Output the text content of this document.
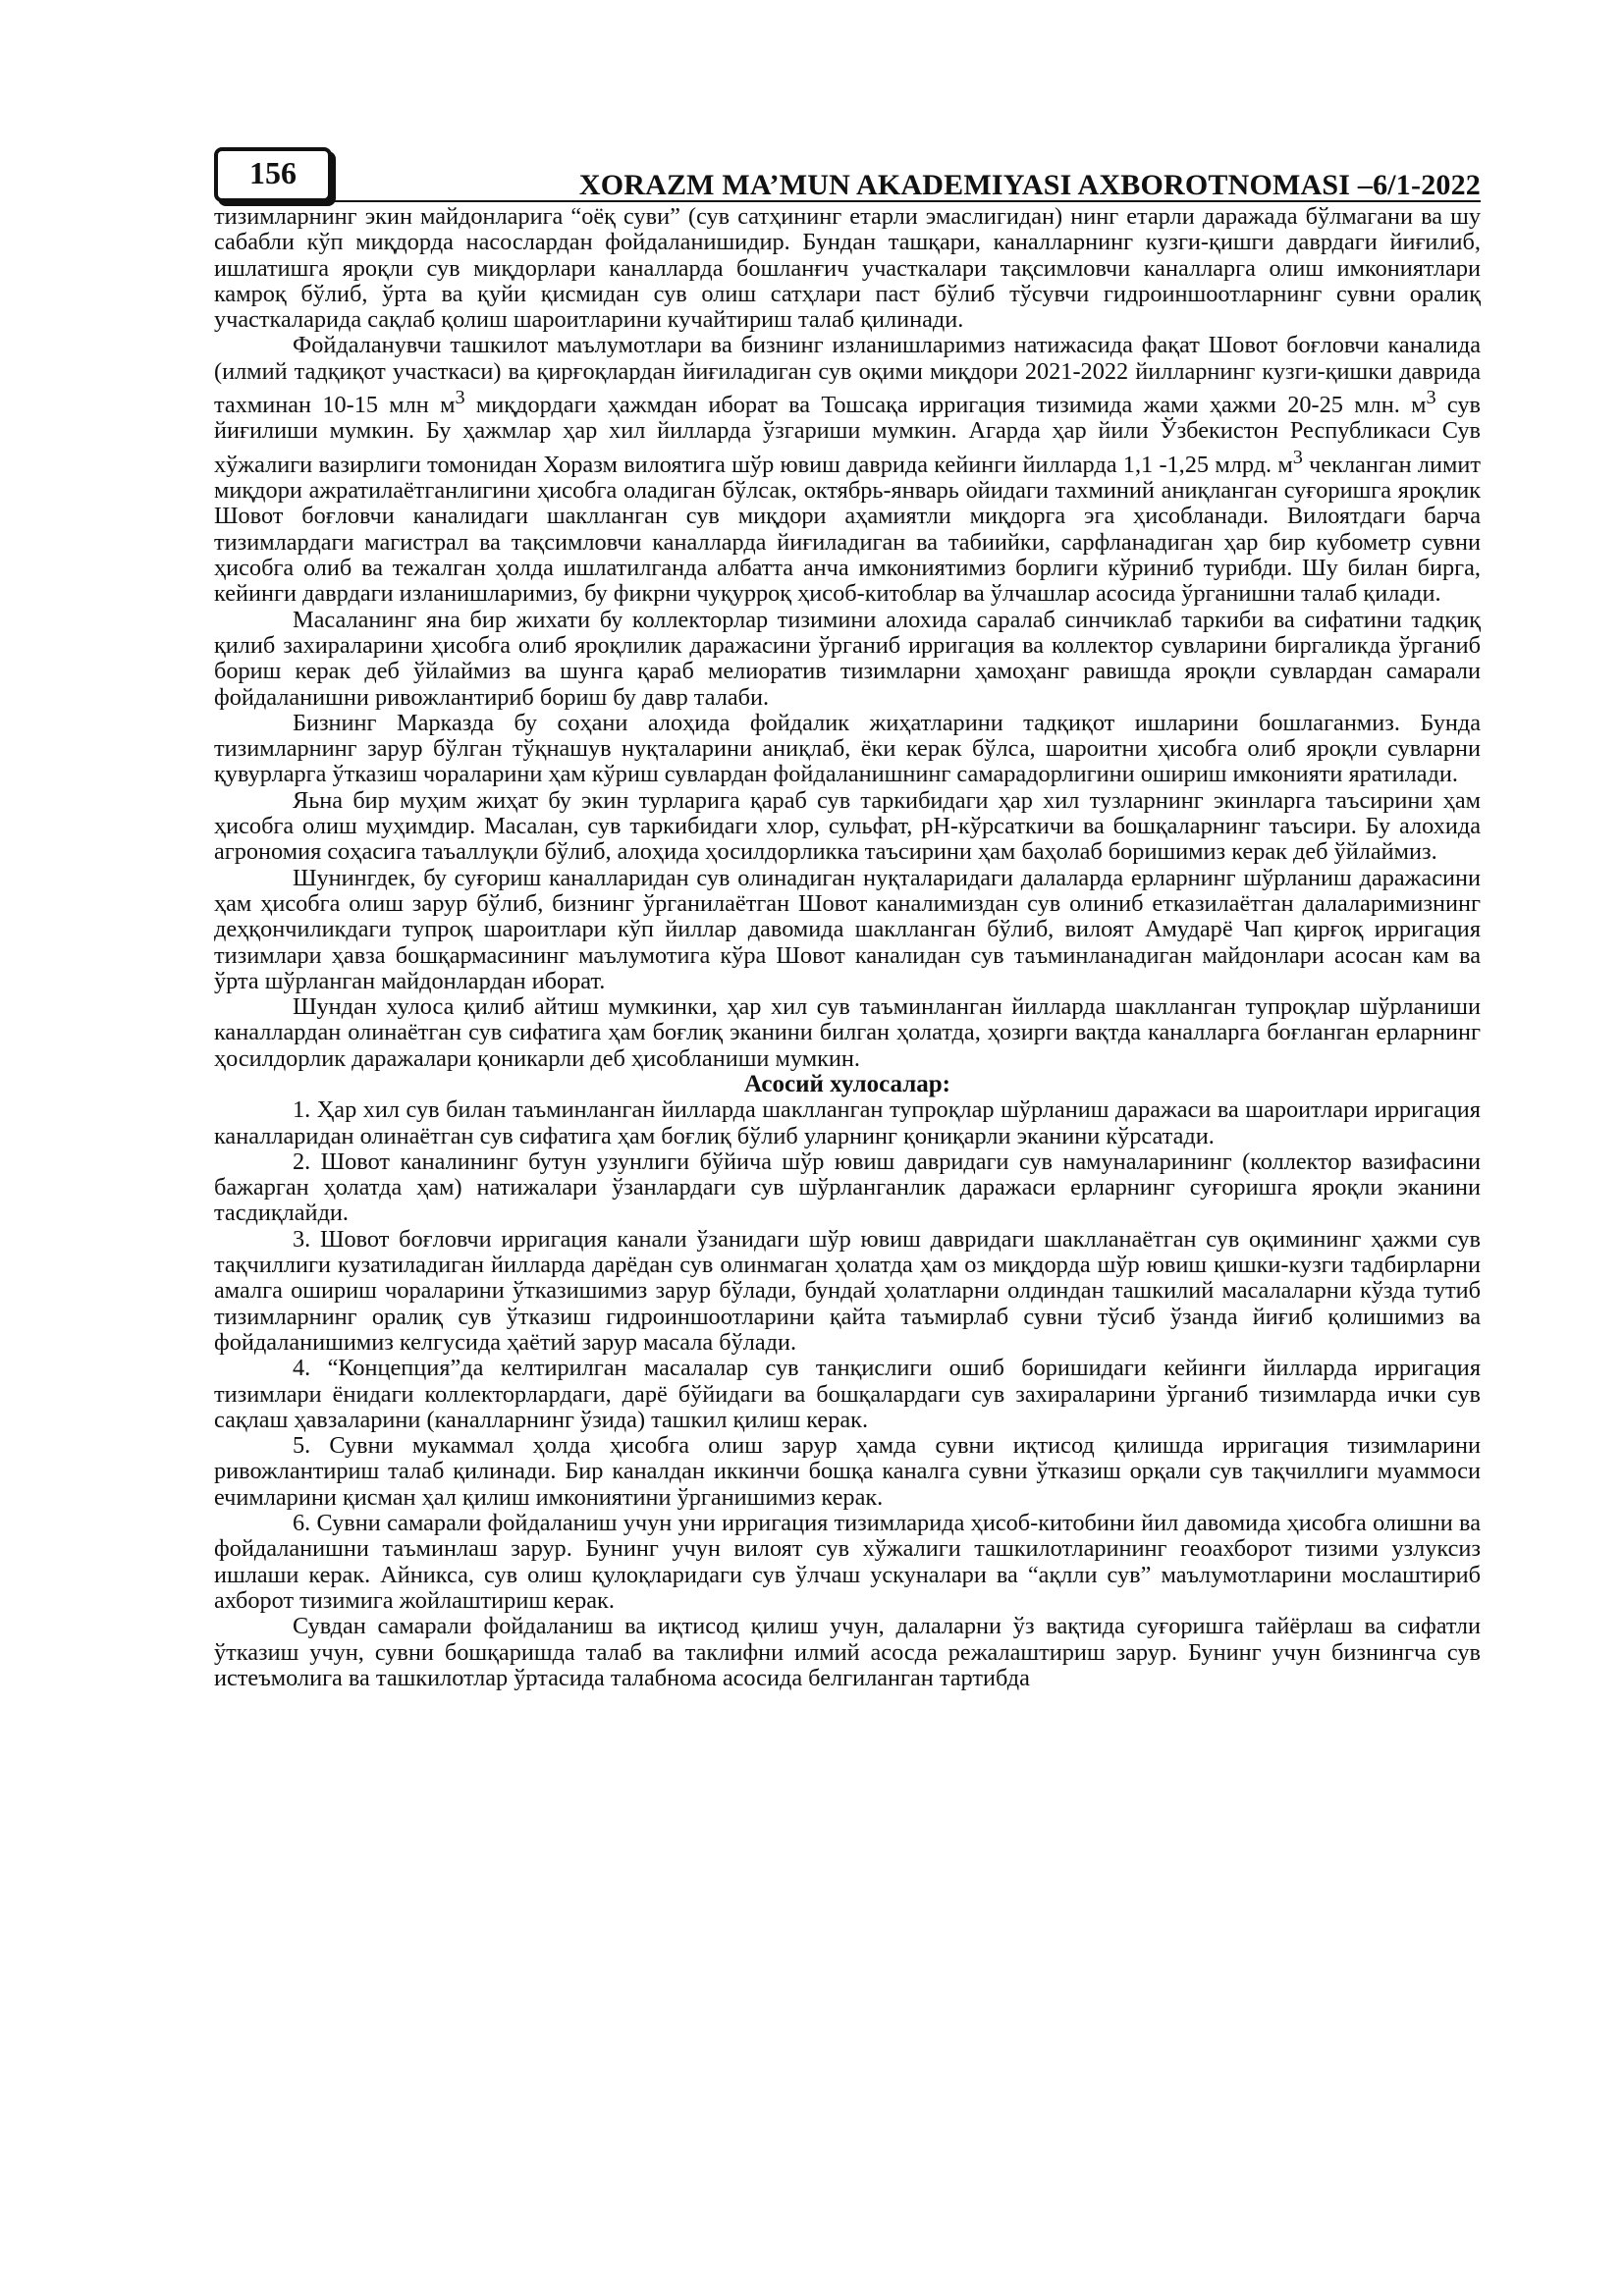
156	XORAZM MA’MUN AKADEMIYASI AXBOROTNOMASI –6/1-2022

тизимларнинг экин майдонларига “оёқ суви” (сув сатҳининг етарли эмаслигидан) нинг етарли даражада бўлмагани ва шу сабабли кўп миқдорда насослардан фойдаланишидир. Бундан ташқари, каналларнинг кузги-қишги даврдаги йиғилиб, ишлатишга яроқли сув миқдорлари каналларда бошланғич участкалари тақсимловчи каналларга олиш имкониятлари камроқ бўлиб, ўрта ва қуйи қисмидан сув олиш сатҳлари паст бўлиб тўсувчи гидроиншоотларнинг сувни оралиқ участкаларида сақлаб қолиш шароитларини кучайтириш талаб қилинади.

Фойдаланувчи ташкилот маълумотлари ва бизнинг изланишларимиз натижасида фақат Шовот боғловчи каналида (илмий тадқиқот участкаси) ва қирғоқлардан йиғиладиган сув оқими миқдори 2021-2022 йилларнинг кузги-қишки даврида тахминан 10-15 млн $м^3$ миқдордаги ҳажмдан иборат ва Тошсақа ирригация тизимида жами ҳажми 20-25 млн. $м^3$ сув йиғилиши мумкин. Бу ҳажмлар ҳар хил йилларда ўзгариши мумкин. Агарда ҳар йили Ўзбекистон Республикаси Сув хўжалиги вазирлиги томонидан Хоразм вилоятига шўр ювиш даврида кейинги йилларда 1,1 -1,25 млрд. $м^3$ чекланган лимит миқдори ажратилаётганлигини ҳисобга оладиган бўлсак, октябрь-январь ойидаги тахминий аниқланган суғоришга яроқлик Шовот боғловчи каналидаги шаклланган сув миқдори аҳамиятли миқдорга эга ҳисобланади. Вилоятдаги барча тизимлардаги магистрал ва тақсимловчи каналларда йиғиладиган ва табиийки, сарфланадиган ҳар бир кубометр сувни ҳисобга олиб ва тежалган ҳолда ишлатилганда албатта анча имкониятимиз борлиги кўриниб турибди. Шу билан бирга, кейинги даврдаги изланишларимиз, бу фикрни чуқурроқ ҳисоб-китоблар ва ўлчашлар асосида ўрганишни талаб қилади.

Масаланинг яна бир жихати бу коллекторлар тизимини алохида саралаб синчиклаб таркиби ва сифатини тадқиқ қилиб захираларини ҳисобга олиб яроқлилик даражасини ўрганиб ирригация ва коллектор сувларини биргаликда ўрганиб бориш керак деб ўйлаймиз ва шунга қараб мелиоратив тизимларни ҳамоҳанг равишда яроқли сувлардан самарали фойдаланишни ривожлантириб бориш бу давр талаби.

Бизнинг Марказда бу соҳани алоҳида фойдалик жиҳатларини тадқиқот ишларини бошлаганмиз. Бунда тизимларнинг зарур бўлган тўқнашув нуқталарини аниқлаб, ёки керак бўлса, шароитни ҳисобга олиб яроқли сувларни қувурларга ўтказиш чораларини ҳам кўриш сувлардан фойдаланишнинг самарадорлигини ошириш имконияти яратилади.

Яьна бир муҳим жиҳат бу экин турларига қараб сув таркибидаги ҳар хил тузларнинг экинларга таъсирини ҳам ҳисобга олиш муҳимдир. Масалан, сув таркибидаги хлор, сульфат, pH-кўрсаткичи ва бошқаларнинг таъсири. Бу алохида агрономия соҳасига таъаллуқли бўлиб, алоҳида ҳосилдорликка таъсирини ҳам баҳолаб боришимиз керак деб ўйлаймиз.

Шунингдек, бу суғориш каналларидан сув олинадиган нуқталаридаги далаларда ерларнинг шўрланиш даражасини ҳам ҳисобга олиш зарур бўлиб, бизнинг ўрганилаётган Шовот каналимиздан сув олиниб етказилаётган далаларимизнинг деҳқончиликдаги тупроқ шароитлари кўп йиллар давомида шаклланган бўлиб, вилоят Амударё Чап қирғоқ ирригация тизимлари ҳавза бошқармасининг маълумотига кўра Шовот каналидан сув таъминланадиган майдонлари асосан кам ва ўрта шўрланган майдонлардан иборат.

Шундан хулоса қилиб айтиш мумкинки, ҳар хил сув таъминланган йилларда шаклланган тупроқлар шўрланиши каналлардан олинаётган сув сифатига ҳам боғлиқ эканини билган ҳолатда, ҳозирги вақтда каналларга боғланган ерларнинг ҳосилдорлик даражалари қоникарли деб ҳисобланиши мумкин.

Асосий хулосалар:

1. Ҳар хил сув билан таъминланган йилларда шаклланган тупроқлар шўрланиш даражаси ва шароитлари ирригация каналларидан олинаётган сув сифатига ҳам боғлиқ бўлиб уларнинг қониқарли эканини кўрсатади.

2. Шовот каналининг бутун узунлиги бўйича шўр ювиш давридаги сув намуналарининг (коллектор вазифасини бажарган ҳолатда ҳам) натижалари ўзанлардаги сув шўрланганлик даражаси ерларнинг суғоришга яроқли эканини тасдиқлайди.

3. Шовот боғловчи ирригация канали ўзанидаги шўр ювиш давридаги шаклланаётган сув оқимининг ҳажми сув тақчиллиги кузатиладиган йилларда дарёдан сув олинмаган ҳолатда ҳам оз миқдорда шўр ювиш қишки-кузги тадбирларни амалга ошириш чораларини ўтказишимиз зарур бўлади, бундай ҳолатларни олдиндан ташкилий масалаларни кўзда тутиб тизимларнинг оралиқ сув ўтказиш гидроиншоотларини қайта таъмирлаб сувни тўсиб ўзанда йиғиб қолишимиз ва фойдаланишимиз келгусида ҳаётий зарур масала бўлади.

4. “Концепция”да келтирилган масалалар сув танқислиги ошиб боришидаги кейинги йилларда ирригация тизимлари ёнидаги коллекторлардаги, дарё бўйидаги ва бошқалардаги сув захираларини ўрганиб тизимларда ички сув сақлаш ҳавзаларини (каналларнинг ўзида) ташкил қилиш керак.

5. Сувни мукаммал ҳолда ҳисобга олиш зарур ҳамда сувни иқтисод қилишда ирригация тизимларини ривожлантириш талаб қилинади. Бир каналдан иккинчи бошқа каналга сувни ўтказиш орқали сув тақчиллиги муаммоси ечимларини қисман ҳал қилиш имкониятини ўрганишимиз керак.

6. Сувни самарали фойдаланиш учун уни ирригация тизимларида ҳисоб-китобини йил давомида ҳисобга олишни ва фойдаланишни таъминлаш зарур. Бунинг учун вилоят сув хўжалиги ташкилотларининг геоахборот тизими узлуксиз ишлаши керак. Айникса, сув олиш қулоқларидаги сув ўлчаш ускуналари ва “ақлли сув” маълумотларини мослаштириб ахборот тизимига жойлаштириш керак.

Сувдан самарали фойдаланиш ва иқтисод қилиш учун, далаларни ўз вақтида суғоришга тайёрлаш ва сифатли ўтказиш учун, сувни бошқаришда талаб ва таклифни илмий асосда режалаштириш зарур. Бунинг учун бизнингча сув истеъмолига ва ташкилотлар ўртасида талабнома асосида белгиланган тартибда
